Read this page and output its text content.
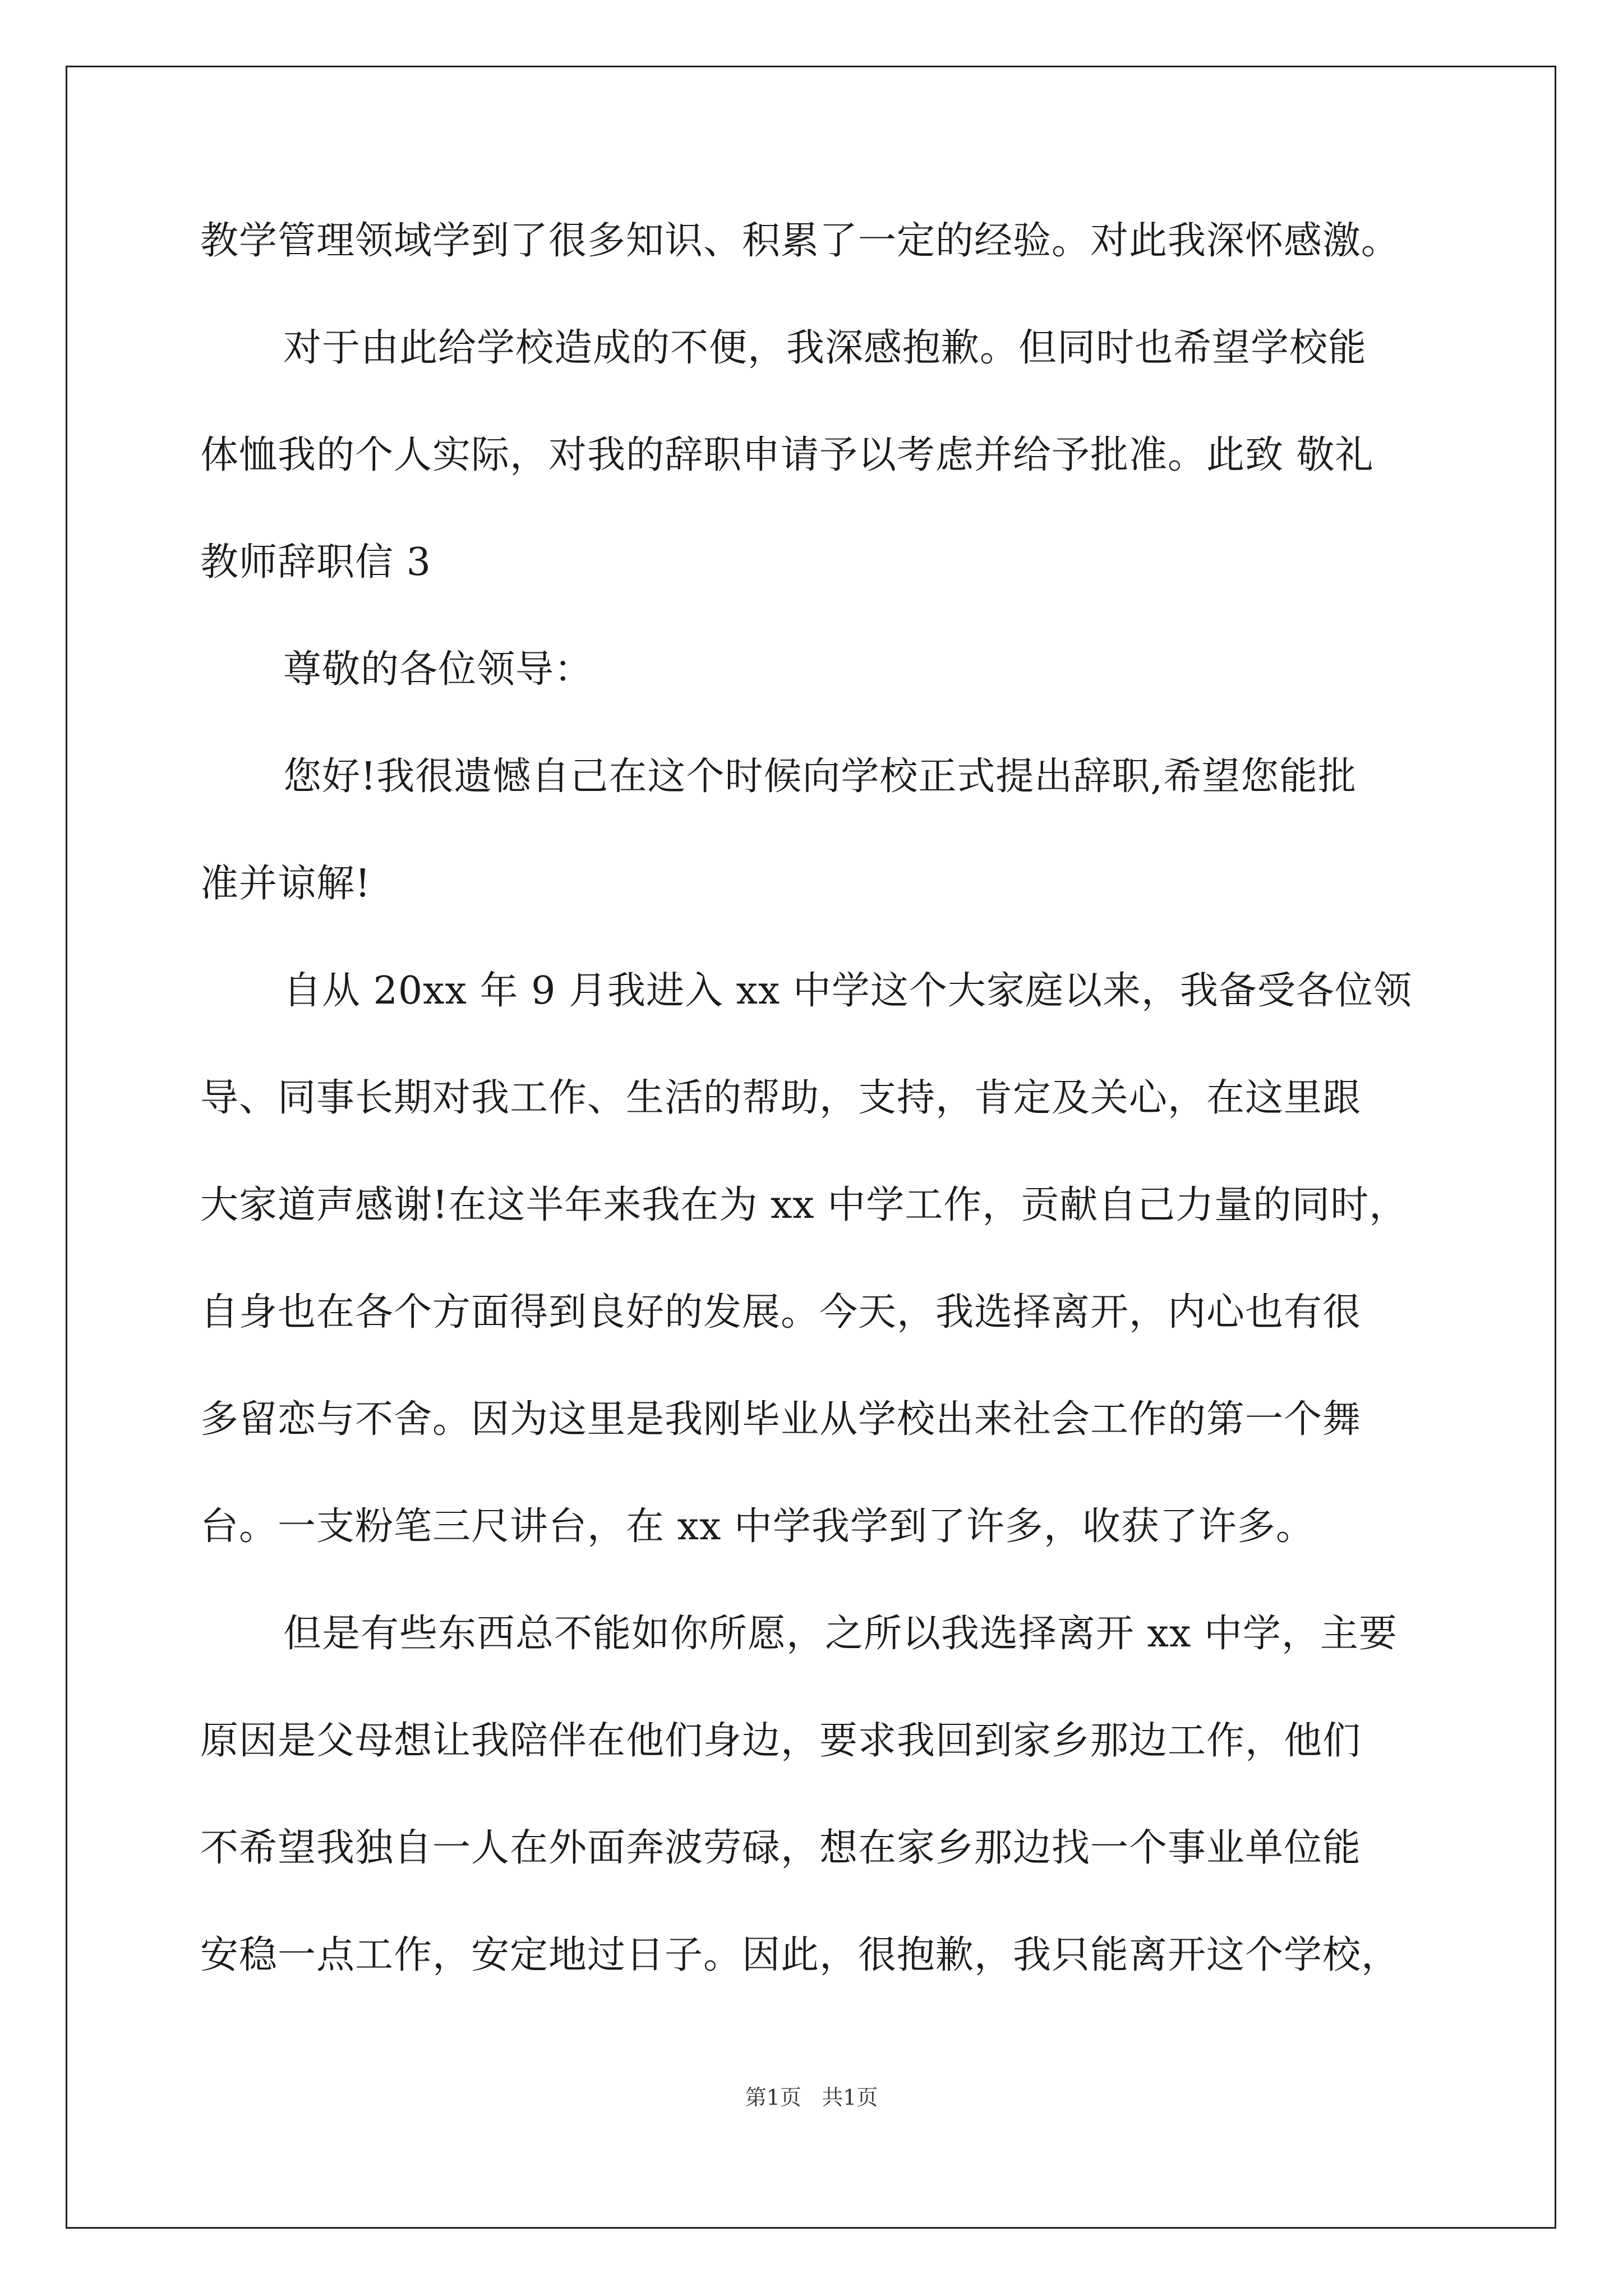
教学管理领域学到了很多知识、积累了一定的经验。对此我深怀感激。
对于由此给学校造成的不便，我深感抱歉。但同时也希望学校能
体恤我的个人实际，对我的辞职申请予以考虑并给予批准。此致 敬礼
教师辞职信 3
尊敬的各位领导：
您好!我很遗憾自己在这个时候向学校正式提出辞职,希望您能批
准并谅解!
自从 20xx 年 9 月我进入 xx 中学这个大家庭以来，我备受各位领
导、同事长期对我工作、生活的帮助，支持，肯定及关心，在这里跟
大家道声感谢!在这半年来我在为 xx 中学工作，贡献自己力量的同时，
自身也在各个方面得到良好的发展。今天，我选择离开，内心也有很
多留恋与不舍。因为这里是我刚毕业从学校出来社会工作的第一个舞
台。一支粉笔三尺讲台，在 xx 中学我学到了许多，收获了许多。
但是有些东西总不能如你所愿，之所以我选择离开 xx 中学，主要
原因是父母想让我陪伴在他们身边，要求我回到家乡那边工作，他们
不希望我独自一人在外面奔波劳碌，想在家乡那边找一个事业单位能
安稳一点工作，安定地过日子。因此，很抱歉，我只能离开这个学校，
第1页   共1页
